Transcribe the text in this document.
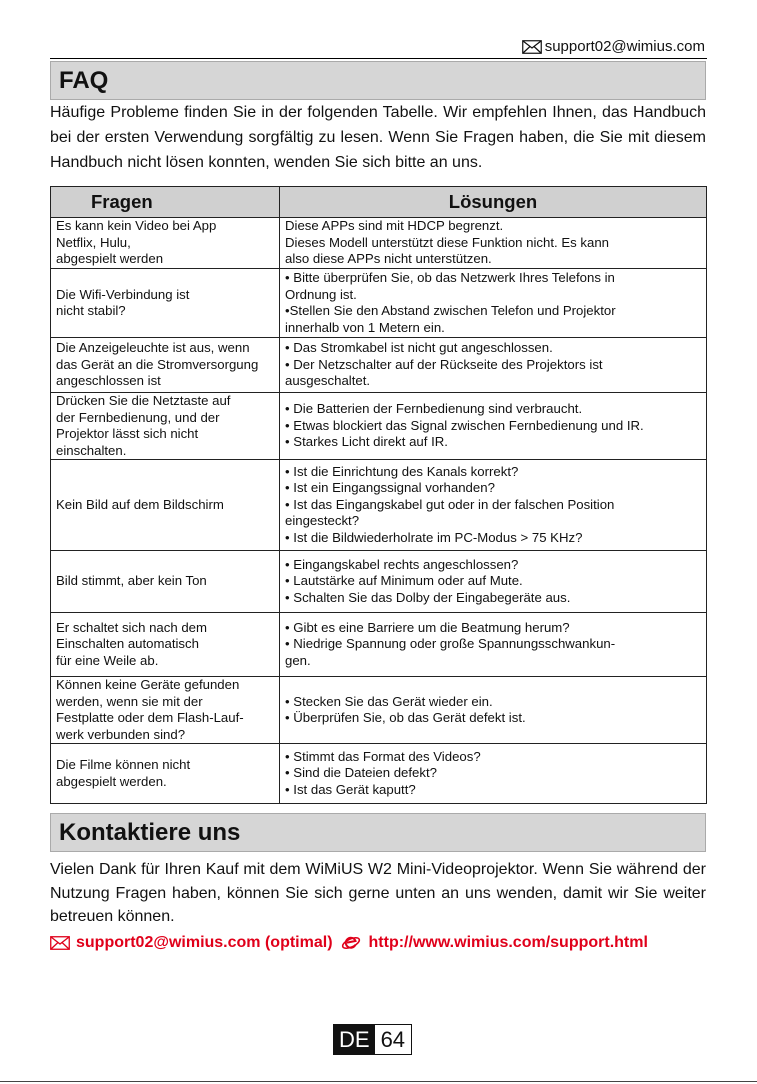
support02@wimius.com
FAQ
Häufige Probleme finden Sie in der folgenden Tabelle. Wir empfehlen Ihnen, das Handbuch bei der ersten Verwendung sorgfältig zu lesen. Wenn Sie Fragen haben, die Sie mit diesem Handbuch nicht lösen konnten, wenden Sie sich bitte an uns.
Fragen	Lösungen

Es kann kein Video bei App
Netflix, Hulu,
abgespielt werden	Diese APPs sind mit HDCP begrenzt.
Dieses Modell unterstützt diese Funktion nicht. Es kann
also diese APPs nicht unterstützen.

Die Wifi-Verbindung ist
nicht stabil?	• Bitte überprüfen Sie, ob das Netzwerk Ihres Telefons in
Ordnung ist.
•Stellen Sie den Abstand zwischen Telefon und Projektor
innerhalb von 1 Metern ein.

Die Anzeigeleuchte ist aus, wenn
das Gerät an die Stromversorgung
angeschlossen ist	• Das Stromkabel ist nicht gut angeschlossen.
• Der Netzschalter auf der Rückseite des Projektors ist
ausgeschaltet.

Drücken Sie die Netztaste auf
der Fernbedienung, und der
Projektor lässt sich nicht
einschalten.	• Die Batterien der Fernbedienung sind verbraucht.
• Etwas blockiert das Signal zwischen Fernbedienung und IR.
• Starkes Licht direkt auf IR.

Kein Bild auf dem Bildschirm	• Ist die Einrichtung des Kanals korrekt?
• Ist ein Eingangssignal vorhanden?
• Ist das Eingangskabel gut oder in der falschen Position
eingesteckt?
• Ist die Bildwiederholrate im PC-Modus > 75 KHz?

Bild stimmt, aber kein Ton	• Eingangskabel rechts angeschlossen?
• Lautstärke auf Minimum oder auf Mute.
• Schalten Sie das Dolby der Eingabegeräte aus.

Er schaltet sich nach dem
Einschalten automatisch
für eine Weile ab.	• Gibt es eine Barriere um die Beatmung herum?
• Niedrige Spannung oder große Spannungsschwankun-
gen.

Können keine Geräte gefunden
werden, wenn sie mit der
Festplatte oder dem Flash-Lauf-
werk verbunden sind?	• Stecken Sie das Gerät wieder ein.
• Überprüfen Sie, ob das Gerät defekt ist.

Die Filme können nicht
abgespielt werden.	• Stimmt das Format des Videos?
• Sind die Dateien defekt?
• Ist das Gerät kaputt?
Kontaktiere uns
Vielen Dank für Ihren Kauf mit dem WiMiUS W2 Mini-Videoprojektor. Wenn Sie während der Nutzung Fragen haben, können Sie sich gerne unten an uns wenden, damit wir Sie weiter betreuen können.
support02@wimius.com (optimal) http://www.wimius.com/support.html
DE 64
